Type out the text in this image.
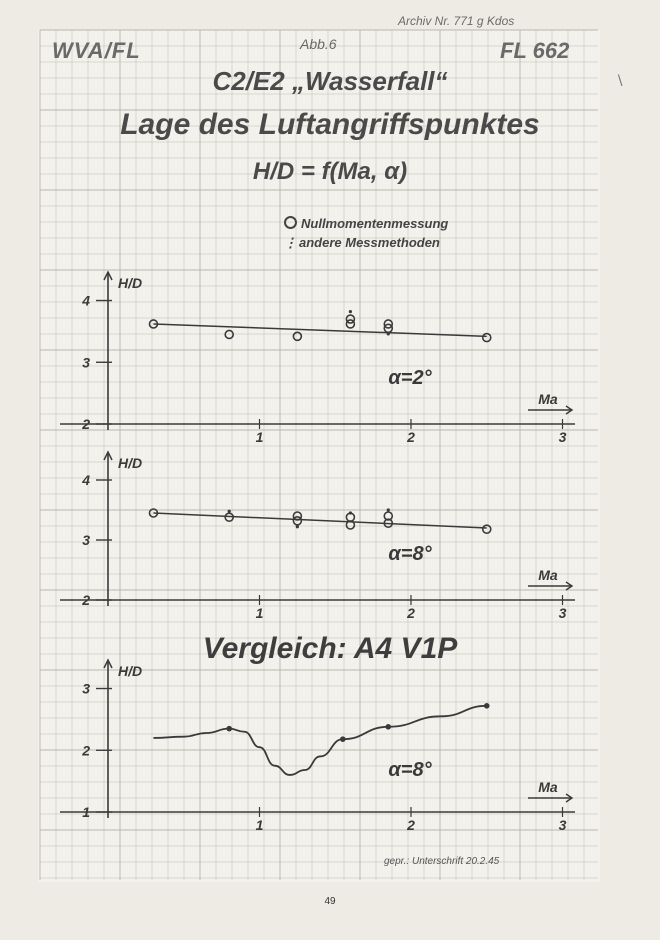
H/D
2
3
4
1	2	3
Ma
α=2°
H/D
2
3
4
1	2	3
Ma
α=8°
H/D
1
2
3
1	2	3
Ma
α=8°
Archiv Nr. 771 g Kdos
WVA/FL	Abb.6	FL 662
C2/E2 „Wasserfall“
Lage des Luftangriffspunktes
H/D = f(Ma, α)
Nullmomentenmessung
⋮ andere Messmethoden
Vergleich: A4 V1P
gepr.: Unterschrift 20.2.45
49
∖
